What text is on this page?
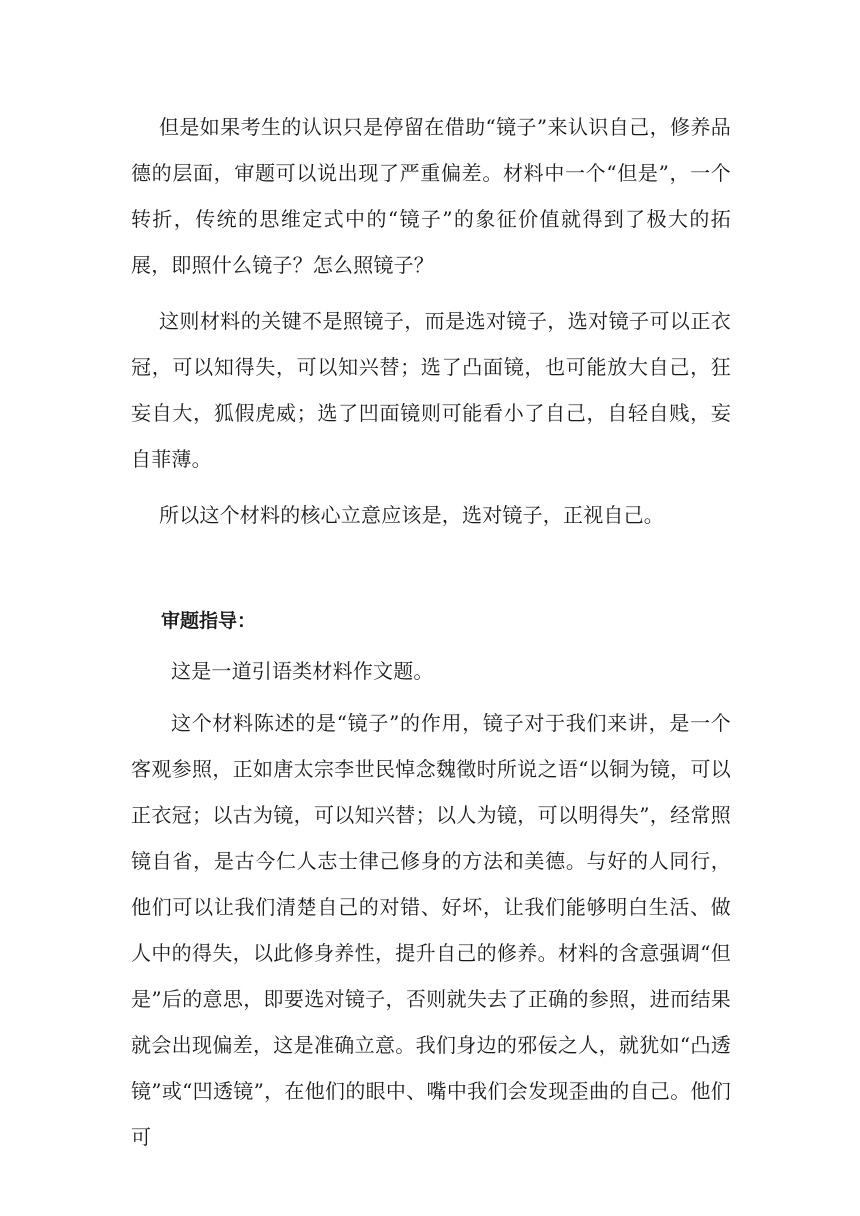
但是如果考生的认识只是停留在借助“镜子”来认识自己，修养品德的层面，审题可以说出现了严重偏差。材料中一个“但是”，一个转折，传统的思维定式中的“镜子”的象征价值就得到了极大的拓展，即照什么镜子？怎么照镜子？

这则材料的关键不是照镜子，而是选对镜子，选对镜子可以正衣冠，可以知得失，可以知兴替；选了凸面镜，也可能放大自己，狂妄自大，狐假虎威；选了凹面镜则可能看小了自己，自轻自贱，妄自菲薄。

所以这个材料的核心立意应该是，选对镜子，正视自己。

审题指导：

这是一道引语类材料作文题。

这个材料陈述的是“镜子”的作用，镜子对于我们来讲，是一个客观参照，正如唐太宗李世民悼念魏徵时所说之语“以铜为镜，可以正衣冠；以古为镜，可以知兴替；以人为镜，可以明得失”，经常照镜自省，是古今仁人志士律己修身的方法和美德。与好的人同行，他们可以让我们清楚自己的对错、好坏，让我们能够明白生活、做人中的得失，以此修身养性，提升自己的修养。材料的含意强调“但是”后的意思，即要选对镜子，否则就失去了正确的参照，进而结果就会出现偏差，这是准确立意。我们身边的邪佞之人，就犹如“凸透镜”或“凹透镜”，在他们的眼中、嘴中我们会发现歪曲的自己。他们可
